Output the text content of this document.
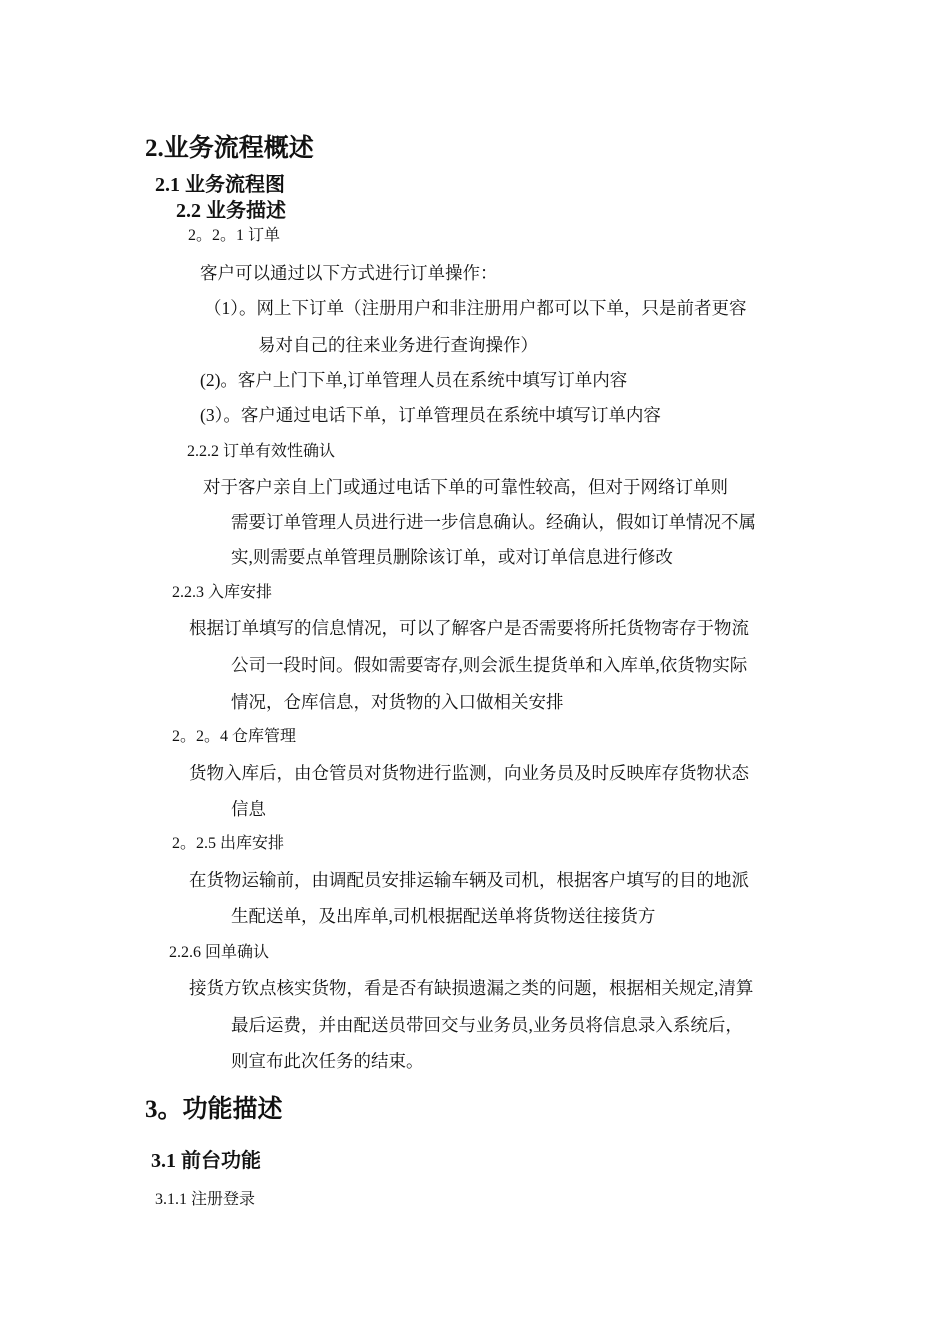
2.业务流程概述
2.1 业务流程图
2.2 业务描述
2。2。1 订单
客户可以通过以下方式进行订单操作：
（1）。网上下订单（注册用户和非注册用户都可以下单，只是前者更容
易对自己的往来业务进行查询操作）
(2)。客户上门下单,订单管理人员在系统中填写订单内容
(3）。客户通过电话下单，订单管理员在系统中填写订单内容
2.2.2 订单有效性确认
对于客户亲自上门或通过电话下单的可靠性较高，但对于网络订单则
需要订单管理人员进行进一步信息确认。经确认，假如订单情况不属
实,则需要点单管理员删除该订单，或对订单信息进行修改
2.2.3 入库安排
根据订单填写的信息情况，可以了解客户是否需要将所托货物寄存于物流
公司一段时间。假如需要寄存,则会派生提货单和入库单,依货物实际
情况，仓库信息，对货物的入口做相关安排
2。2。4 仓库管理
货物入库后，由仓管员对货物进行监测，向业务员及时反映库存货物状态
信息
2。2.5 出库安排
在货物运输前，由调配员安排运输车辆及司机，根据客户填写的目的地派
生配送单，及出库单,司机根据配送单将货物送往接货方
2.2.6 回单确认
接货方钦点核实货物，看是否有缺损遗漏之类的问题，根据相关规定,清算
最后运费，并由配送员带回交与业务员,业务员将信息录入系统后，
则宣布此次任务的结束。
3。功能描述
3.1 前台功能
3.1.1 注册登录
